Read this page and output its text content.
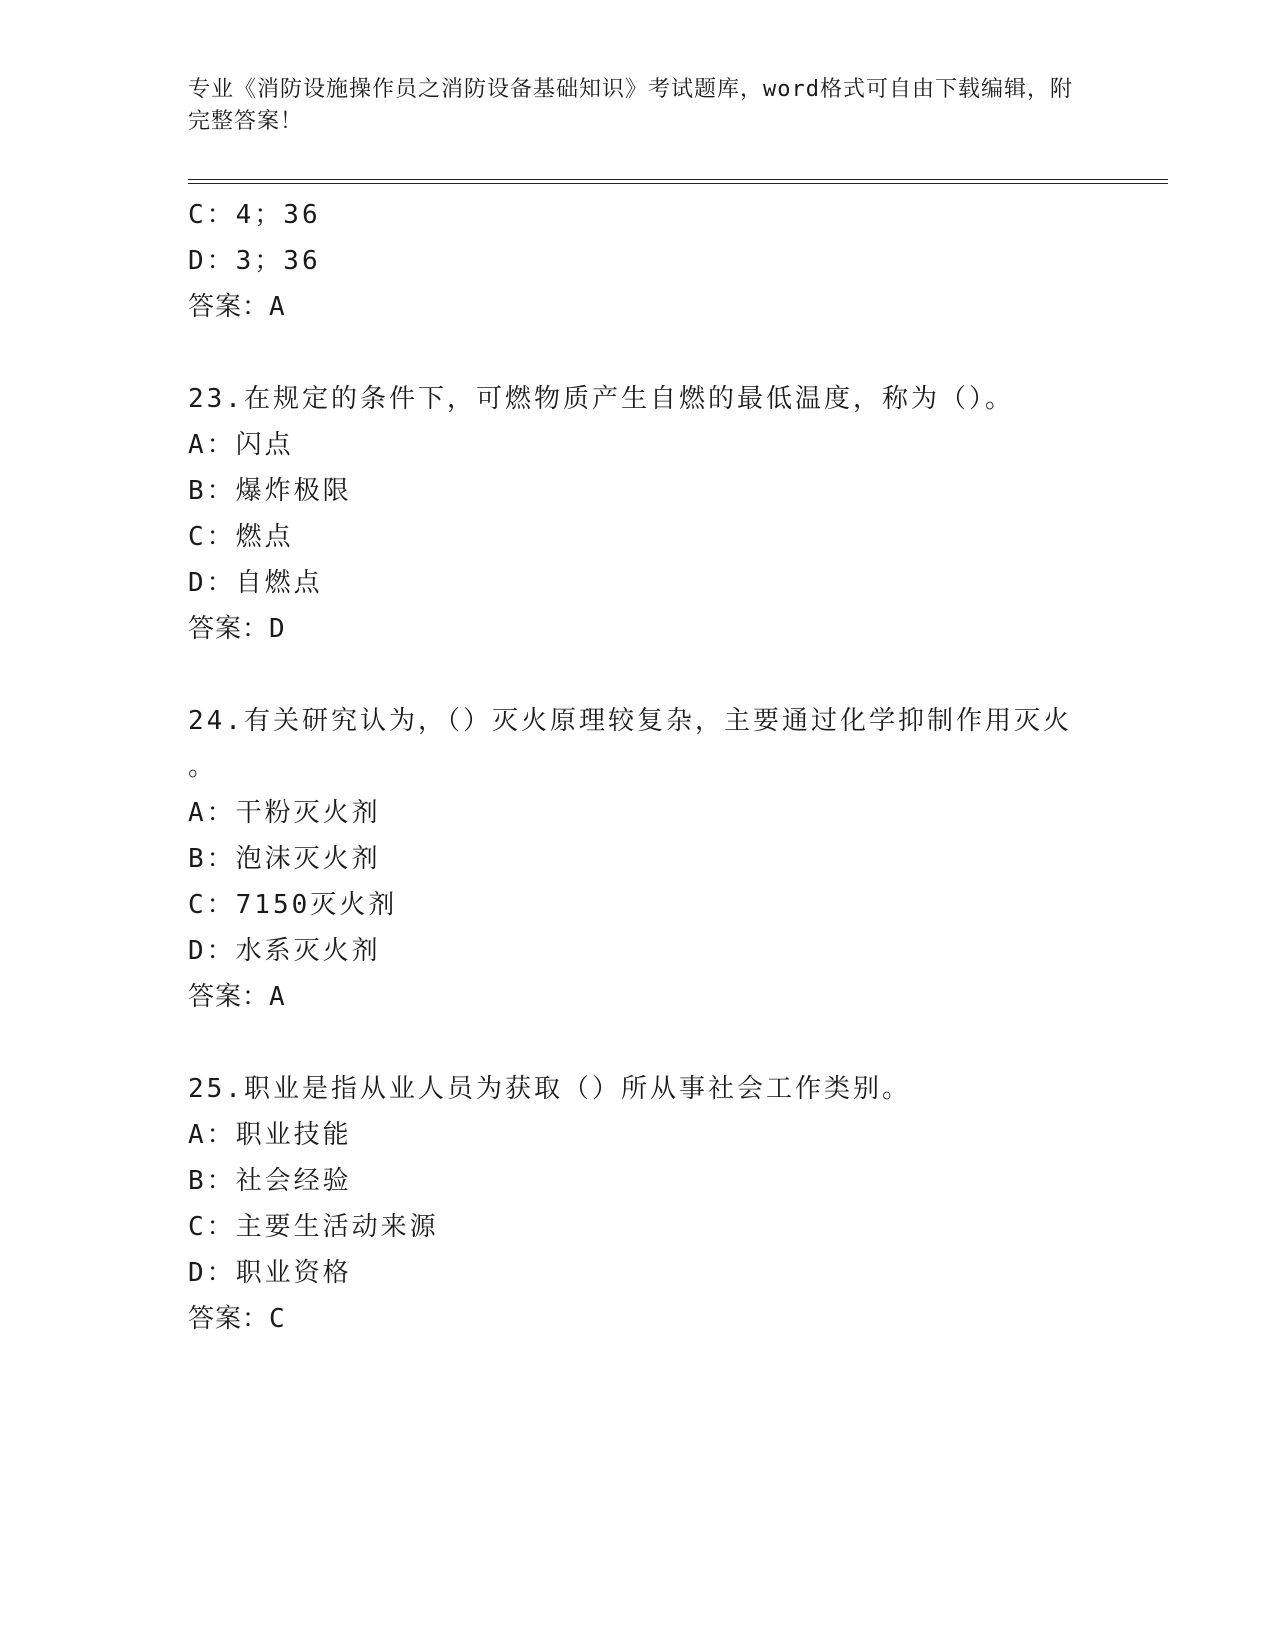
专业《消防设施操作员之消防设备基础知识》考试题库，word格式可自由下载编辑，附完整答案！
C：4；36
D：3；36
答案：A
23.在规定的条件下，可燃物质产生自燃的最低温度，称为（）。
A：闪点
B：爆炸极限
C：燃点
D：自燃点
答案：D
24.有关研究认为，（）灭火原理较复杂，主要通过化学抑制作用灭火
。
A：干粉灭火剂
B：泡沫灭火剂
C：7150灭火剂
D：水系灭火剂
答案：A
25.职业是指从业人员为获取（）所从事社会工作类别。
A：职业技能
B：社会经验
C：主要生活动来源
D：职业资格
答案：C
